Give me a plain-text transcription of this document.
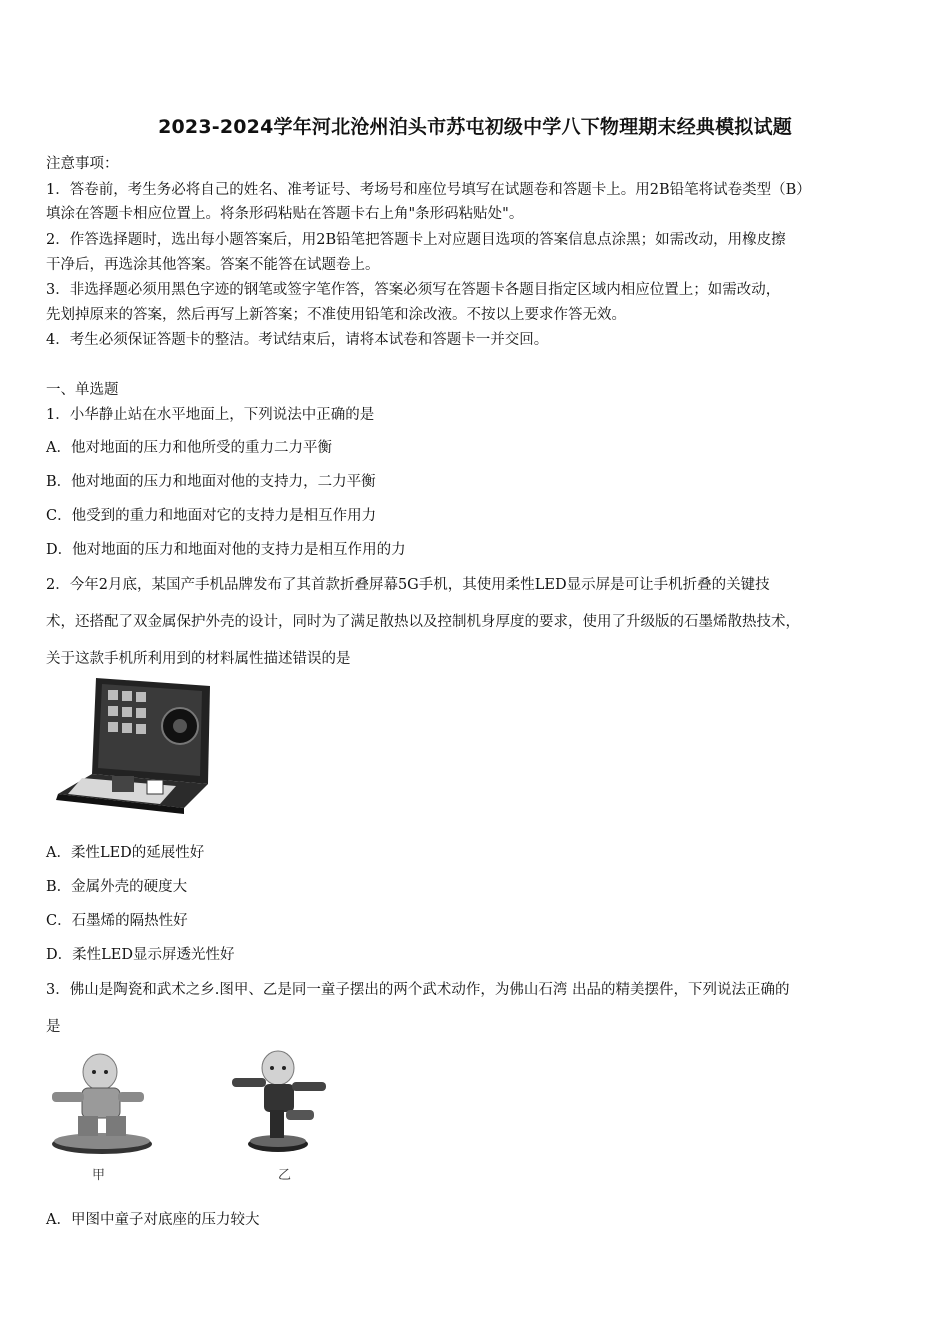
2023-2024学年河北沧州泊头市苏屯初级中学八下物理期末经典模拟试题
注意事项：
1．答卷前，考生务必将自己的姓名、准考证号、考场号和座位号填写在试题卷和答题卡上。用2B铅笔将试卷类型（B）
填涂在答题卡相应位置上。将条形码粘贴在答题卡右上角"条形码粘贴处"。
2．作答选择题时，选出每小题答案后，用2B铅笔把答题卡上对应题目选项的答案信息点涂黑；如需改动，用橡皮擦
干净后，再选涂其他答案。答案不能答在试题卷上。
3．非选择题必须用黑色字迹的钢笔或签字笔作答，答案必须写在答题卡各题目指定区域内相应位置上；如需改动，
先划掉原来的答案，然后再写上新答案；不准使用铅笔和涂改液。不按以上要求作答无效。
4．考生必须保证答题卡的整洁。考试结束后，请将本试卷和答题卡一并交回。
一、单选题
1．小华静止站在水平地面上，下列说法中正确的是
A．他对地面的压力和他所受的重力二力平衡
B．他对地面的压力和地面对他的支持力，二力平衡
C．他受到的重力和地面对它的支持力是相互作用力
D．他对地面的压力和地面对他的支持力是相互作用的力
2．今年2月底，某国产手机品牌发布了其首款折叠屏幕5G手机，其使用柔性LED显示屏是可让手机折叠的关键技
术，还搭配了双金属保护外壳的设计，同时为了满足散热以及控制机身厚度的要求，使用了升级版的石墨烯散热技术，
关于这款手机所利用到的材料属性描述错误的是
A．柔性LED的延展性好
B．金属外壳的硬度大
C．石墨烯的隔热性好
D．柔性LED显示屏透光性好
3．佛山是陶瓷和武术之乡.图甲、乙是同一童子摆出的两个武术动作，为佛山石湾 出品的精美摆件，下列说法正确的
是
甲	乙
A．甲图中童子对底座的压力较大
